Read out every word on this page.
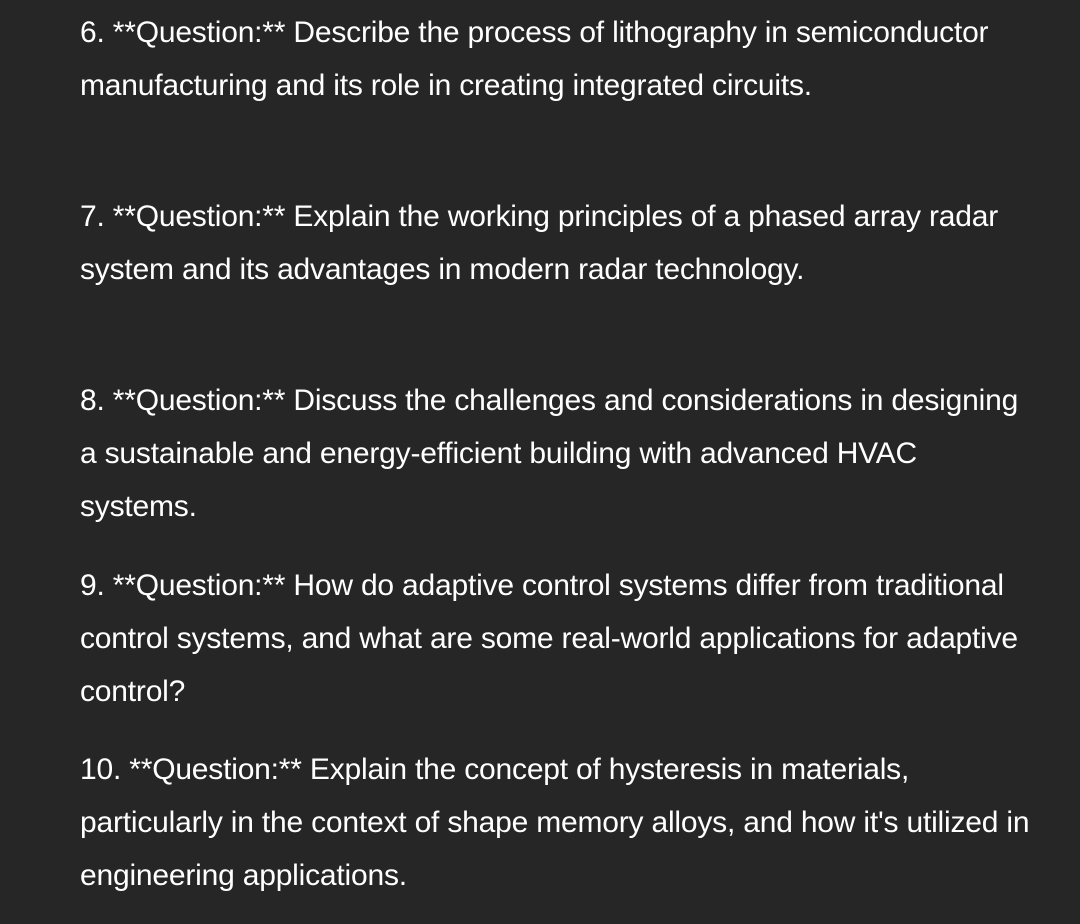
6. **Question:** Describe the process of lithography in semiconductor manufacturing and its role in creating integrated circuits.

7. **Question:** Explain the working principles of a phased array radar system and its advantages in modern radar technology.

8. **Question:** Discuss the challenges and considerations in designing a sustainable and energy-efficient building with advanced HVAC systems.

9. **Question:** How do adaptive control systems differ from traditional control systems, and what are some real-world applications for adaptive control?

10. **Question:** Explain the concept of hysteresis in materials, particularly in the context of shape memory alloys, and how it's utilized in engineering applications.
